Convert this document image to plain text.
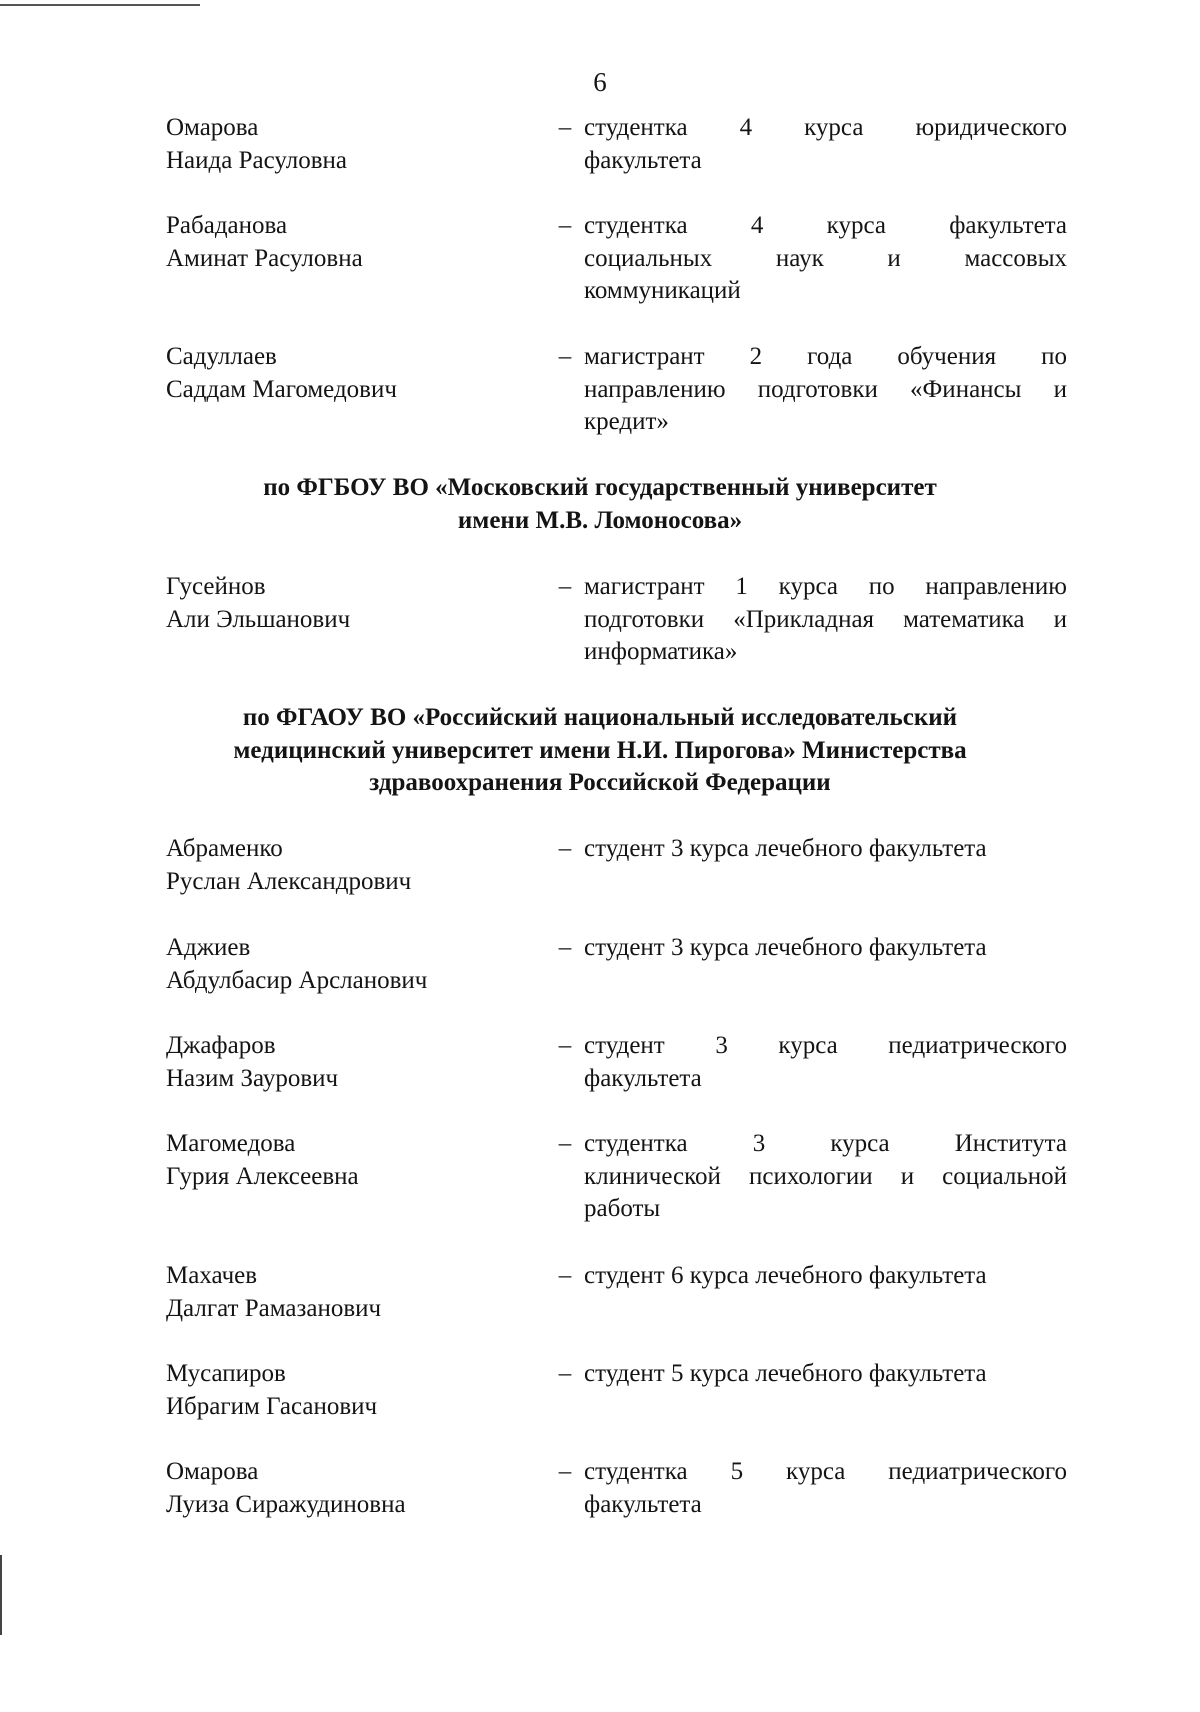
6
Омарова
Наида Расуловна
– студентка 4 курса юридического
факультета
Рабаданова
Аминат Расуловна
– студентка 4 курса факультета
социальных наук и массовых
коммуникаций
Садуллаев
Саддам Магомедович
– магистрант 2 года обучения по
направлению подготовки «Финансы и
кредит»
по ФГБОУ ВО «Московский государственный университет
имени М.В. Ломоносова»
Гусейнов
Али Эльшанович
– магистрант 1 курса по направлению
подготовки «Прикладная математика и
информатика»
по ФГАОУ ВО «Российский национальный исследовательский
медицинский университет имени Н.И. Пирогова» Министерства
здравоохранения Российской Федерации
Абраменко
Руслан Александрович
– студент 3 курса лечебного факультета
Аджиев
Абдулбасир Арсланович
– студент 3 курса лечебного факультета
Джафаров
Назим Заурович
– студент 3 курса педиатрического
факультета
Магомедова
Гурия Алексеевна
– студентка 3 курса Института
клинической психологии и социальной
работы
Махачев
Далгат Рамазанович
– студент 6 курса лечебного факультета
Мусапиров
Ибрагим Гасанович
– студент 5 курса лечебного факультета
Омарова
Луиза Сиражудиновна
– студентка 5 курса педиатрического
факультета
